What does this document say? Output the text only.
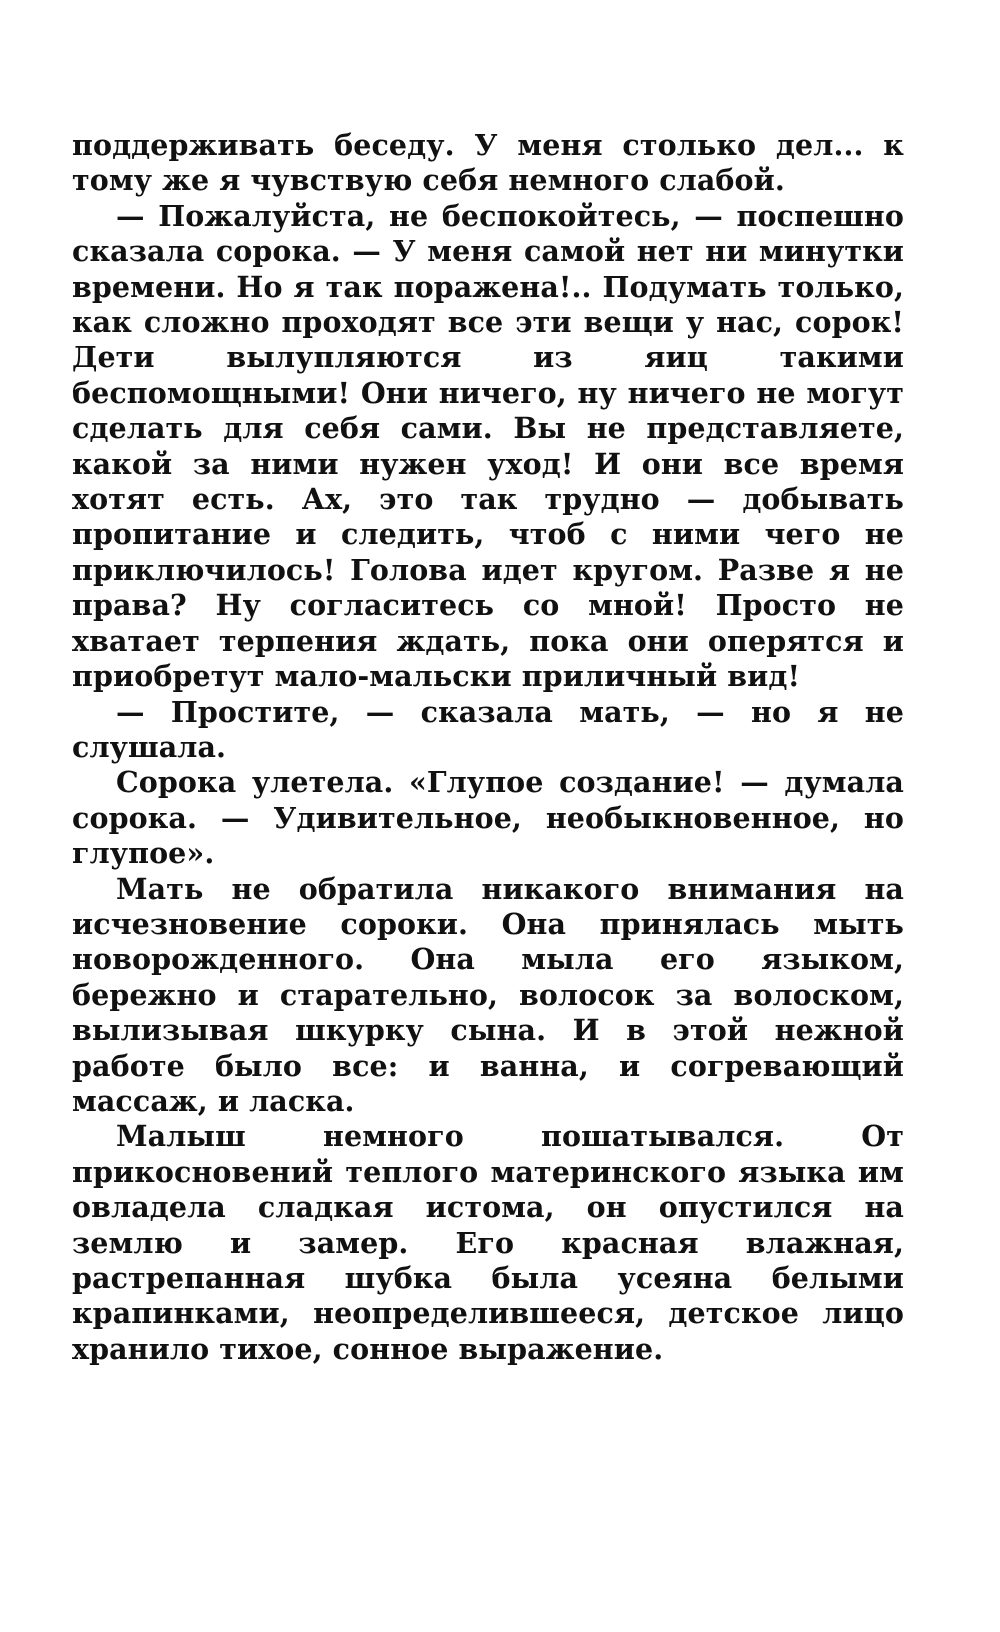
поддерживать беседу. У меня столько дел... к тому же я чувствую себя немного слабой.

— Пожалуйста, не беспокойтесь, — поспешно сказала сорока. — У меня самой нет ни минутки времени. Но я так поражена!.. Подумать только, как сложно проходят все эти вещи у нас, сорок! Дети вылупляются из яиц такими беспомощными! Они ничего, ну ничего не могут сделать для себя сами. Вы не представляете, какой за ними нужен уход! И они все время хотят есть. Ах, это так трудно — добывать пропитание и следить, чтоб с ними чего не приключилось! Голова идет кругом. Разве я не права? Ну согласитесь со мной! Просто не хватает терпения ждать, пока они оперятся и приобретут мало-мальски приличный вид!

— Простите, — сказала мать, — но я не слушала.

Сорока улетела. «Глупое создание! — думала сорока. — Удивительное, необыкновенное, но глупое».

Мать не обратила никакого внимания на исчезновение сороки. Она принялась мыть новорожденного. Она мыла его языком, бережно и старательно, волосок за волоском, вылизывая шкурку сына. И в этой нежной работе было все: и ванна, и согревающий массаж, и ласка.

Малыш немного пошатывался. От прикосновений теплого материнского языка им овладела сладкая истома, он опустился на землю и замер. Его красная влажная, растрепанная шубка была усеяна белыми крапинками, неопределившееся, детское лицо хранило тихое, сонное выражение.
